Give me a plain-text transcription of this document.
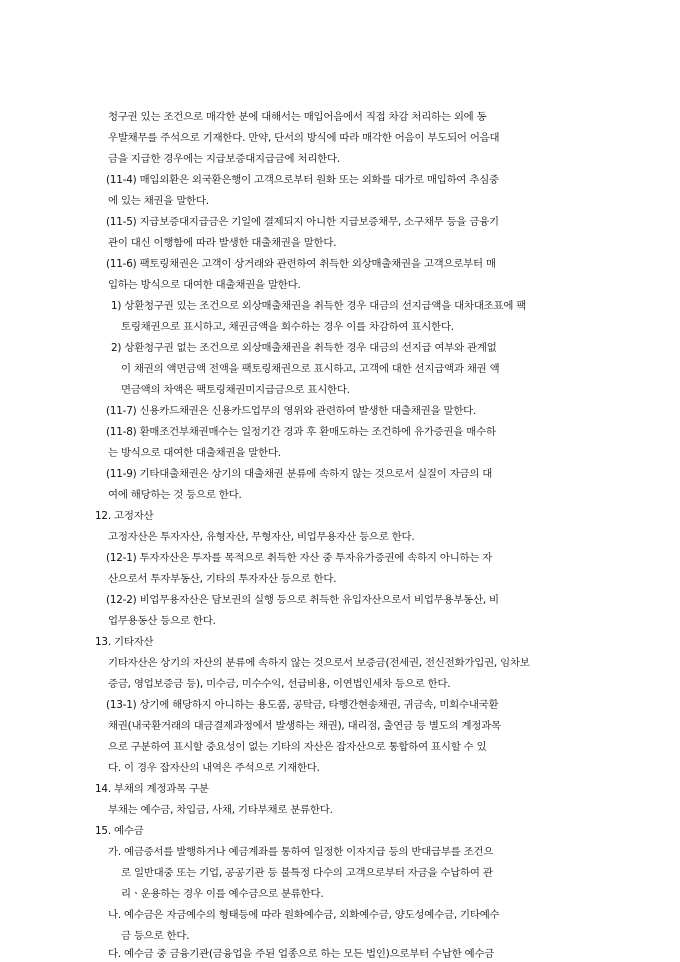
청구권 있는 조건으로 매각한 분에 대해서는 매입어음에서 직접 차감 처리하는 외에 동
우발채무를 주석으로 기재한다. 만약, 단서의 방식에 따라 매각한 어음이 부도되어 어음대
금을 지급한 경우에는 지급보증대지급금에 처리한다.
(11-4) 매입외환은 외국환은행이 고객으로부터 원화 또는 외화를 대가로 매입하여 추심중
에 있는 채권을 말한다.
(11-5) 지급보증대지급금은 기일에 결제되지 아니한 지급보증채무, 소구채무 등을 금융기
관이 대신 이행함에 따라 발생한 대출채권을 말한다.
(11-6) 팩토링채권은 고객이 상거래와 관련하여 취득한 외상매출채권을 고객으로부터 매
입하는 방식으로 대여한 대출채권을 말한다.
1) 상환청구권 있는 조건으로 외상매출채권을 취득한 경우 대금의 선지급액을 대차대조표에 팩
토링채권으로 표시하고, 채권금액을 회수하는 경우 이를 차감하여 표시한다.
2) 상환청구권 없는 조건으로 외상매출채권을 취득한 경우 대금의 선지급 여부와 관계없
이 채권의 액면금액 전액을 팩토링채권으로 표시하고, 고객에 대한 선지급액과 채권 액
면금액의 차액은 팩토링채권미지급금으로 표시한다.
(11-7) 신용카드채권은 신용카드업무의 영위와 관련하여 발생한 대출채권을 말한다.
(11-8) 환매조건부채권매수는 일정기간 경과 후 환매도하는 조건하에 유가증권을 매수하
는 방식으로 대여한 대출채권을 말한다.
(11-9) 기타대출채권은 상기의 대출채권 분류에 속하지 않는 것으로서 실질이 자금의 대
여에 해당하는 것 등으로 한다.
12. 고정자산
고정자산은 투자자산, 유형자산, 무형자산, 비업무용자산 등으로 한다.
(12-1) 투자자산은 투자를 목적으로 취득한 자산 중 투자유가증권에 속하지 아니하는 자
산으로서 투자부동산, 기타의 투자자산 등으로 한다.
(12-2) 비업무용자산은 담보권의 실행 등으로 취득한 유입자산으로서 비업무용부동산, 비
업무용동산 등으로 한다.
13. 기타자산
기타자산은 상기의 자산의 분류에 속하지 않는 것으로서 보증금(전세권, 전신전화가입권, 임차보
증금, 영업보증금 등), 미수금, 미수수익, 선급비용, 이연법인세차 등으로 한다.
(13-1) 상기에 해당하지 아니하는 용도품, 공탁금, 타행간현송채권, 귀금속, 미회수내국환
채권(내국환거래의 대금결제과정에서 발생하는 채권), 대리점, 출연금 등 별도의 계정과목
으로 구분하여 표시할 중요성이 없는 기타의 자산은 잡자산으로 통합하여 표시할 수 있
다. 이 경우 잡자산의 내역은 주석으로 기재한다.
14. 부채의 계정과목 구분
부채는 예수금, 차입금, 사채, 기타부채로 분류한다.
15. 예수금
가. 예금증서를 발행하거나 예금계좌를 통하여 일정한 이자지급 등의 반대급부를 조건으
로 일반대중 또는 기업, 공공기관 등 불특정 다수의 고객으로부터 자금을 수납하여 관
리ㆍ운용하는 경우 이를 예수금으로 분류한다.
나. 예수금은 자금예수의 형태등에 따라 원화예수금, 외화예수금, 양도성예수금, 기타예수
금 등으로 한다.
다. 예수금 중 금융기관(금융업을 주된 업종으로 하는 모든 법인)으로부터 수납한 예수금
